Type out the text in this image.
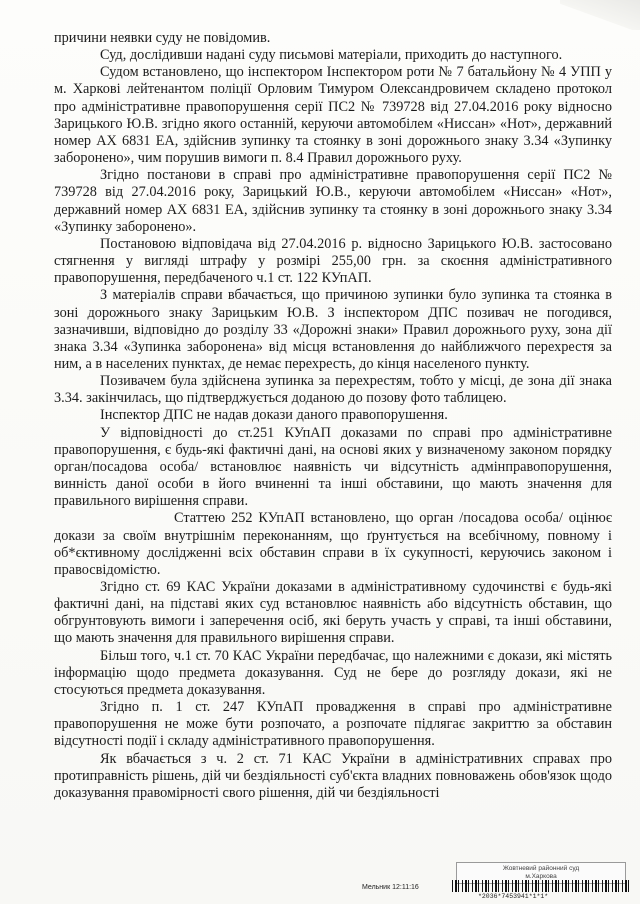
причини неявки суду не повідомив.

Суд, дослідивши надані суду письмові матеріали, приходить до наступного.

Судом встановлено, що інспектором Інспектором роти № 7 батальйону № 4 УПП у м. Харкові лейтенантом поліції Орловим Тимуром Олександровичем складено протокол про адміністративне правопорушення серії ПС2 № 739728 від 27.04.2016 року відносно Зарицького Ю.В. згідно якого останній, керуючи автомобілем «Ниссан» «Нот», державний номер АХ 6831 ЕА, здійснив зупинку та стоянку в зоні дорожнього знаку 3.34 «Зупинку заборонено», чим порушив вимоги п. 8.4 Правил дорожнього руху.

Згідно постанови в справі про адміністративне правопорушення серії ПС2 № 739728 від 27.04.2016 року, Зарицький Ю.В., керуючи автомобілем «Ниссан» «Нот», державний номер АХ 6831 ЕА, здійснив зупинку та стоянку в зоні дорожнього знаку 3.34 «Зупинку заборонено».

Постановою відповідача від 27.04.2016 р. відносно Зарицького Ю.В. застосовано стягнення у вигляді штрафу у розмірі 255,00 грн. за скоєння адміністративного правопорушення, передбаченого ч.1 ст. 122 КУпАП.

З матеріалів справи вбачається, що причиною зупинки було зупинка та стоянка в зоні дорожнього знаку Зарицьким Ю.В. З інспектором ДПС позивач не погодився, зазначивши, відповідно до розділу 33 «Дорожні знаки» Правил дорожнього руху, зона дії знака 3.34 «Зупинка заборонена» від місця встановлення до найближчого перехрестя за ним, а в населених пунктах, де немає перехресть, до кінця населеного пункту.

Позивачем була здійснена зупинка за перехрестям, тобто у місці, де зона дії знака 3.34. закінчилась, що підтверджується доданою до позову фото таблицею.

Інспектор ДПС не надав докази даного правопорушення.

У відповідності до ст.251 КУпАП доказами по справі про адміністративне правопорушення, є будь-які фактичні дані, на основі яких у визначеному законом порядку орган/посадова особа/ встановлює наявність чи відсутність адмінправопорушення, винність даної особи в його вчиненні та інші обставини, що мають значення для правильного вирішення справи.

Статтею 252 КУпАП встановлено, що орган /посадова особа/ оцінює докази за своїм внутрішнім переконанням, що ґрунтується на всебічному, повному і об*єктивному дослідженні всіх обставин справи в їх сукупності, керуючись законом і правосвідомістю.

Згідно ст. 69 КАС України доказами в адміністративному судочинстві є будь-які фактичні дані, на підставі яких суд встановлює наявність або відсутність обставин, що обгрунтовують вимоги і заперечення осіб, які беруть участь у справі, та інші обставини, що мають значення для правильного вирішення справи.

Більш того, ч.1 ст. 70 КАС України передбачає, що належними є докази, які містять інформацію щодо предмета доказування. Суд не бере до розгляду докази, які не стосуються предмета доказування.

Згідно п. 1 ст. 247 КУпАП провадження в справі про адміністративне правопорушення не може бути розпочато, а розпочате підлягає закриттю за обставин відсутності події і складу адміністративного правопорушення.

Як вбачається з ч. 2 ст. 71 КАС України в адміністративних справах про протиправність рішень, дій чи бездіяльності суб'єкта владних повноважень обов'язок щодо доказування правомірності свого рішення, дій чи бездіяльності

Жовтневий районний суд
м.Харкова
Мельник 12:11:16
*2036*7453941*1*1*
